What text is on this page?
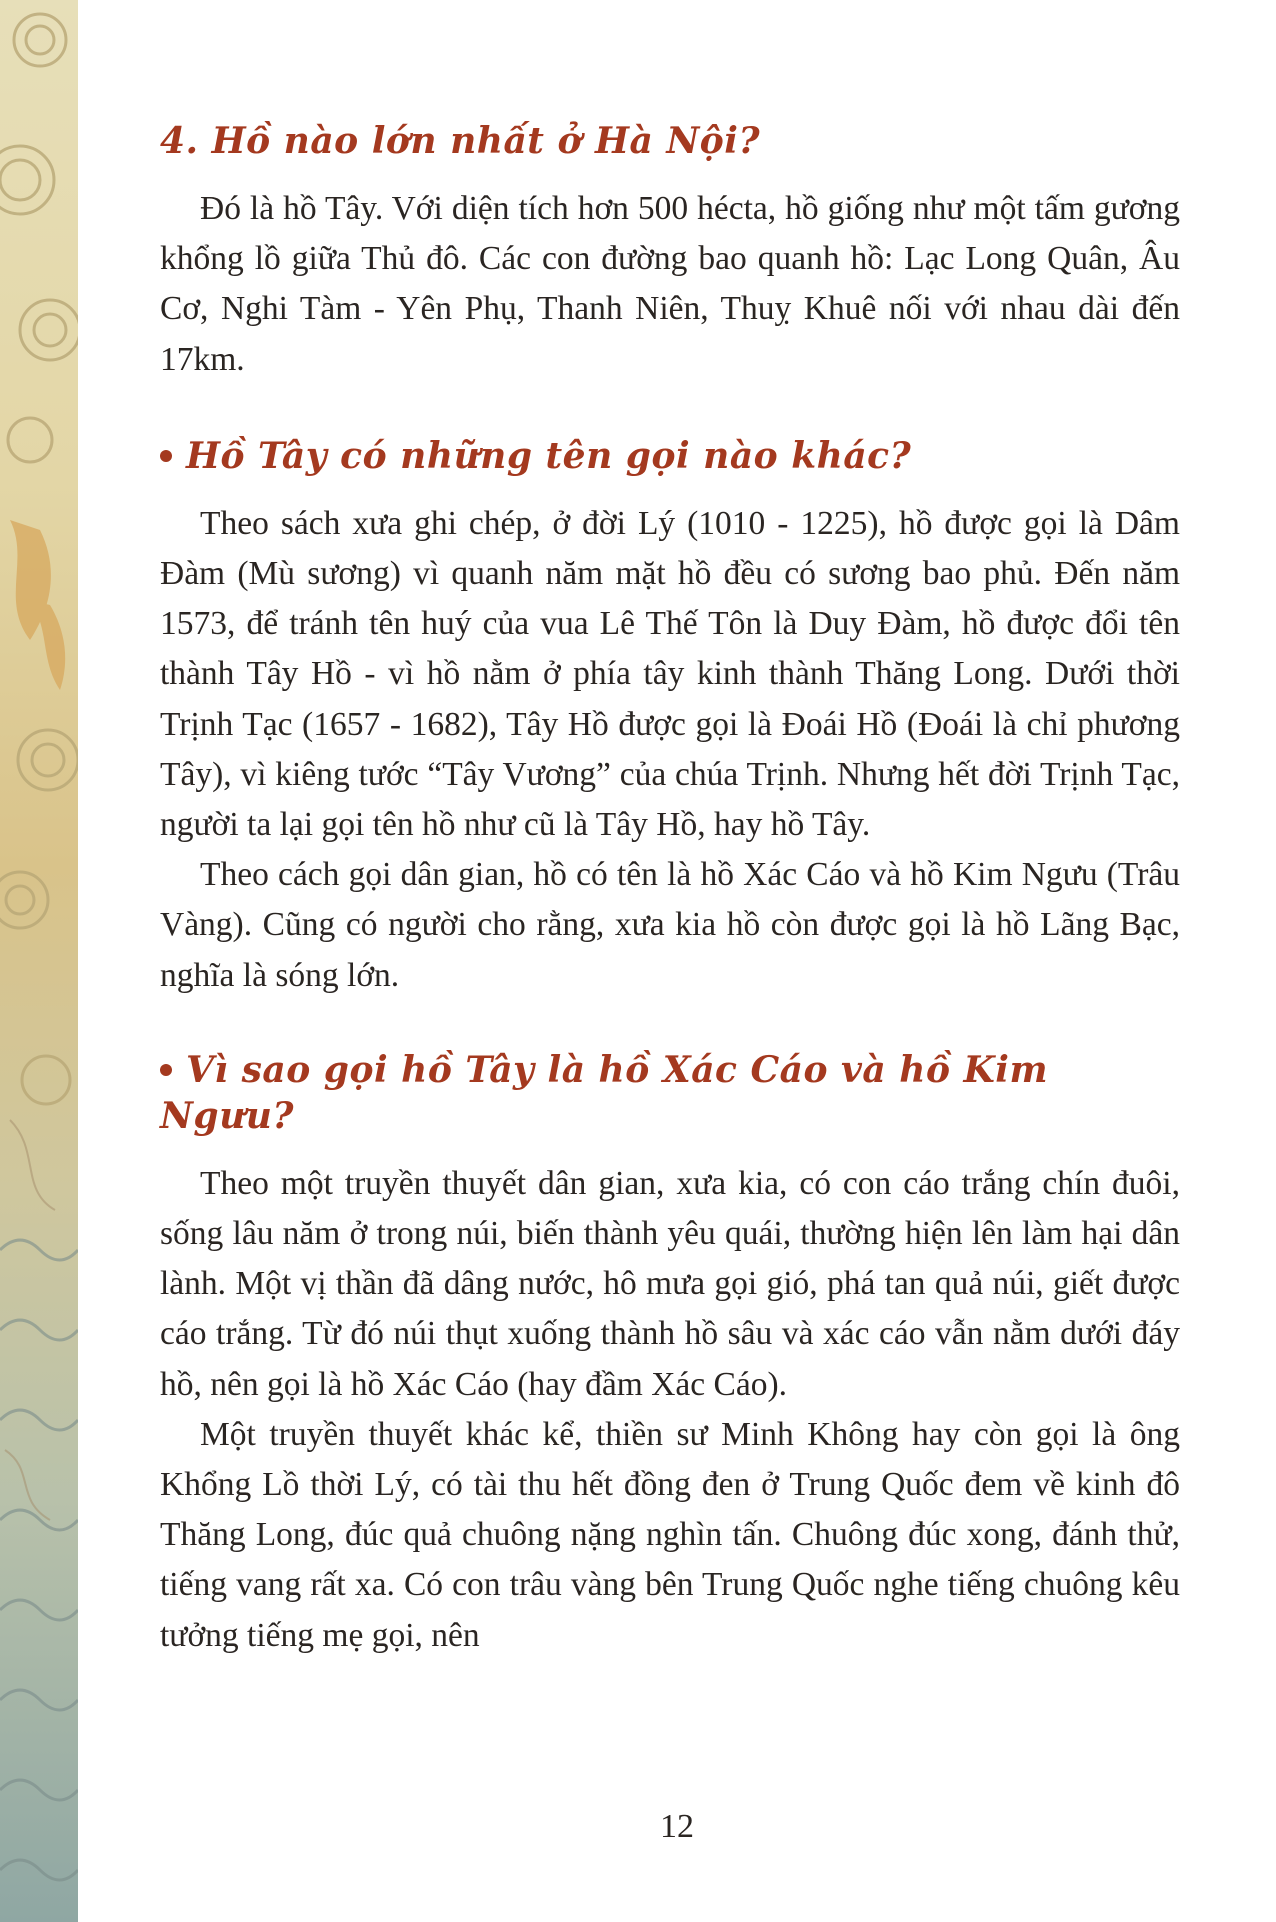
4. Hồ nào lớn nhất ở Hà Nội?

Đó là hồ Tây. Với diện tích hơn 500 hécta, hồ giống như một tấm gương khổng lồ giữa Thủ đô. Các con đường bao quanh hồ: Lạc Long Quân, Âu Cơ, Nghi Tàm - Yên Phụ, Thanh Niên, Thuỵ Khuê nối với nhau dài đến 17km.

Hồ Tây có những tên gọi nào khác?

Theo sách xưa ghi chép, ở đời Lý (1010 - 1225), hồ được gọi là Dâm Đàm (Mù sương) vì quanh năm mặt hồ đều có sương bao phủ. Đến năm 1573, để tránh tên huý của vua Lê Thế Tôn là Duy Đàm, hồ được đổi tên thành Tây Hồ - vì hồ nằm ở phía tây kinh thành Thăng Long. Dưới thời Trịnh Tạc (1657 - 1682), Tây Hồ được gọi là Đoái Hồ (Đoái là chỉ phương Tây), vì kiêng tước “Tây Vương” của chúa Trịnh. Nhưng hết đời Trịnh Tạc, người ta lại gọi tên hồ như cũ là Tây Hồ, hay hồ Tây.

Theo cách gọi dân gian, hồ có tên là hồ Xác Cáo và hồ Kim Ngưu (Trâu Vàng). Cũng có người cho rằng, xưa kia hồ còn được gọi là hồ Lãng Bạc, nghĩa là sóng lớn.

Vì sao gọi hồ Tây là hồ Xác Cáo và hồ Kim Ngưu?

Theo một truyền thuyết dân gian, xưa kia, có con cáo trắng chín đuôi, sống lâu năm ở trong núi, biến thành yêu quái, thường hiện lên làm hại dân lành. Một vị thần đã dâng nước, hô mưa gọi gió, phá tan quả núi, giết được cáo trắng. Từ đó núi thụt xuống thành hồ sâu và xác cáo vẫn nằm dưới đáy hồ, nên gọi là hồ Xác Cáo (hay đầm Xác Cáo).

Một truyền thuyết khác kể, thiền sư Minh Không hay còn gọi là ông Khổng Lồ thời Lý, có tài thu hết đồng đen ở Trung Quốc đem về kinh đô Thăng Long, đúc quả chuông nặng nghìn tấn. Chuông đúc xong, đánh thử, tiếng vang rất xa. Có con trâu vàng bên Trung Quốc nghe tiếng chuông kêu tưởng tiếng mẹ gọi, nên

12
